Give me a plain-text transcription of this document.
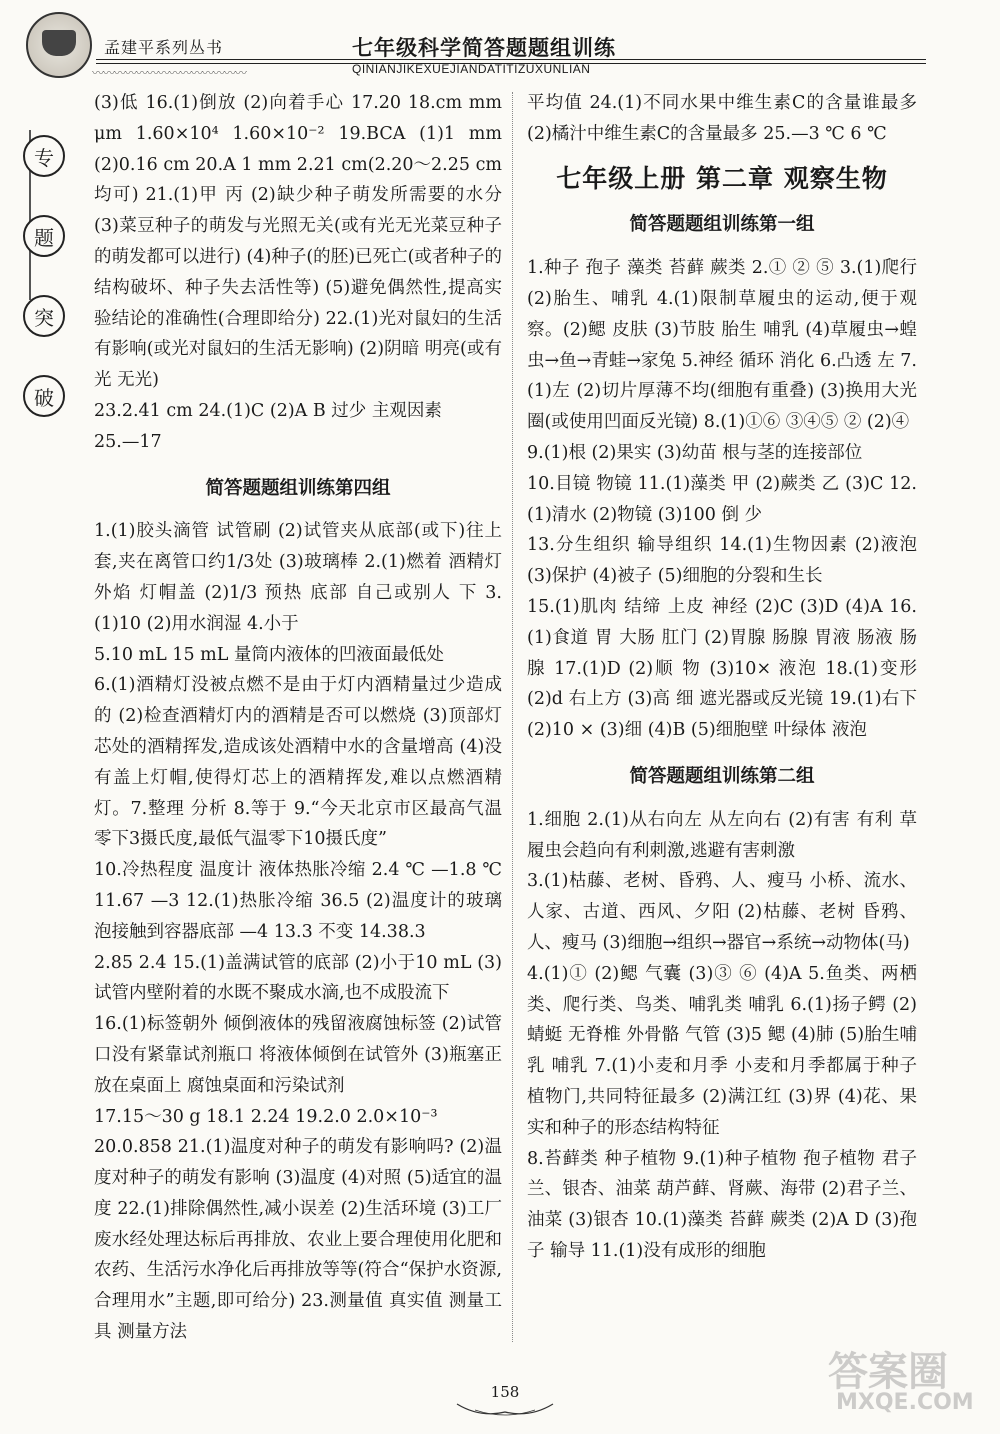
孟建平系列丛书	七年级科学简答题题组训练
〰〰〰〰〰〰〰〰〰〰〰〰〰〰	QINIANJIKEXUEJIANDATITIZUXUNLIAN
专
题
突
破
(3)低 16.(1)倒放 (2)向着手心 17.20 18.cm mm μm 1.60×10⁴ 1.60×10⁻² 19.BCA (1)1 mm (2)0.16 cm 20.A 1 mm 2.21 cm(2.20～2.25 cm均可) 21.(1)甲 丙 (2)缺少种子萌发所需要的水分 (3)菜豆种子的萌发与光照无关(或有光无光菜豆种子的萌发都可以进行) (4)种子(的胚)已死亡(或者种子的结构破坏、种子失去活性等) (5)避免偶然性,提高实验结论的准确性(合理即给分) 22.(1)光对鼠妇的生活有影响(或光对鼠妇的生活无影响) (2)阴暗 明亮(或有光 无光)
23.2.41 cm 24.(1)C (2)A B 过少 主观因素
25.—17
简答题题组训练第四组
1.(1)胶头滴管 试管刷 (2)试管夹从底部(或下)往上套,夹在离管口约1/3处 (3)玻璃棒 2.(1)燃着 酒精灯 外焰 灯帽盖 (2)1/3 预热 底部 自己或别人 下 3.(1)10 (2)用水润湿 4.小于
5.10 mL 15 mL 量筒内液体的凹液面最低处
6.(1)酒精灯没被点燃不是由于灯内酒精量过少造成的 (2)检查酒精灯内的酒精是否可以燃烧 (3)顶部灯芯处的酒精挥发,造成该处酒精中水的含量增高 (4)没有盖上灯帽,使得灯芯上的酒精挥发,难以点燃酒精灯。7.整理 分析 8.等于 9.“今天北京市区最高气温零下3摄氏度,最低气温零下10摄氏度”
10.冷热程度 温度计 液体热胀冷缩 2.4 ℃ —1.8 ℃ 11.67 —3 12.(1)热胀冷缩 36.5 (2)温度计的玻璃泡接触到容器底部 —4 13.3 不变 14.38.3
2.85 2.4 15.(1)盖满试管的底部 (2)小于10 mL (3)试管内壁附着的水既不聚成水滴,也不成股流下
16.(1)标签朝外 倾倒液体的残留液腐蚀标签 (2)试管口没有紧靠试剂瓶口 将液体倾倒在试管外 (3)瓶塞正放在桌面上 腐蚀桌面和污染试剂
17.15～30 g 18.1 2.24 19.2.0 2.0×10⁻³
20.0.858 21.(1)温度对种子的萌发有影响吗? (2)温度对种子的萌发有影响 (3)温度 (4)对照 (5)适宜的温度 22.(1)排除偶然性,减小误差 (2)生活环境 (3)工厂废水经处理达标后再排放、农业上要合理使用化肥和农药、生活污水净化后再排放等等(符合“保护水资源,合理用水”主题,即可给分) 23.测量值 真实值 测量工具 测量方法
平均值 24.(1)不同水果中维生素C的含量谁最多 (2)橘汁中维生素C的含量最多 25.—3 ℃ 6 ℃
七年级上册 第二章 观察生物
简答题题组训练第一组
1.种子 孢子 藻类 苔藓 蕨类 2.① ② ⑤ 3.(1)爬行 (2)胎生、哺乳 4.(1)限制草履虫的运动,便于观察。(2)鳃 皮肤 (3)节肢 胎生 哺乳 (4)草履虫→蝗虫→鱼→青蛙→家兔 5.神经 循环 消化 6.凸透 左 7.(1)左 (2)切片厚薄不均(细胞有重叠) (3)换用大光圈(或使用凹面反光镜) 8.(1)①⑥ ③④⑤ ② (2)④
9.(1)根 (2)果实 (3)幼苗 根与茎的连接部位
10.目镜 物镜 11.(1)藻类 甲 (2)蕨类 乙 (3)C 12.(1)清水 (2)物镜 (3)100 倒 少
13.分生组织 输导组织 14.(1)生物因素 (2)液泡 (3)保护 (4)被子 (5)细胞的分裂和生长
15.(1)肌肉 结缔 上皮 神经 (2)C (3)D (4)A 16.(1)食道 胃 大肠 肛门 (2)胃腺 肠腺 胃液 肠液 肠腺 17.(1)D (2)顺 物 (3)10× 液泡 18.(1)变形 (2)d 右上方 (3)高 细 遮光器或反光镜 19.(1)右下 (2)10 × (3)细 (4)B (5)细胞壁 叶绿体 液泡
简答题题组训练第二组
1.细胞 2.(1)从右向左 从左向右 (2)有害 有利 草履虫会趋向有利刺激,逃避有害刺激
3.(1)枯藤、老树、昏鸦、人、瘦马 小桥、流水、人家、古道、西风、夕阳 (2)枯藤、老树 昏鸦、人、瘦马 (3)细胞→组织→器官→系统→动物体(马)
4.(1)① (2)鳃 气囊 (3)③ ⑥ (4)A 5.鱼类、两栖类、爬行类、鸟类、哺乳类 哺乳 6.(1)扬子鳄 (2)蜻蜓 无脊椎 外骨骼 气管 (3)5 鳃 (4)肺 (5)胎生哺乳 哺乳 7.(1)小麦和月季 小麦和月季都属于种子植物门,共同特征最多 (2)满江红 (3)界 (4)花、果实和种子的形态结构特征
8.苔藓类 种子植物 9.(1)种子植物 孢子植物 君子兰、银杏、油菜 葫芦藓、肾蕨、海带 (2)君子兰、油菜 (3)银杏 10.(1)藻类 苔藓 蕨类 (2)A D (3)孢子 输导 11.(1)没有成形的细胞
158	答案圈
MXQE.COM
